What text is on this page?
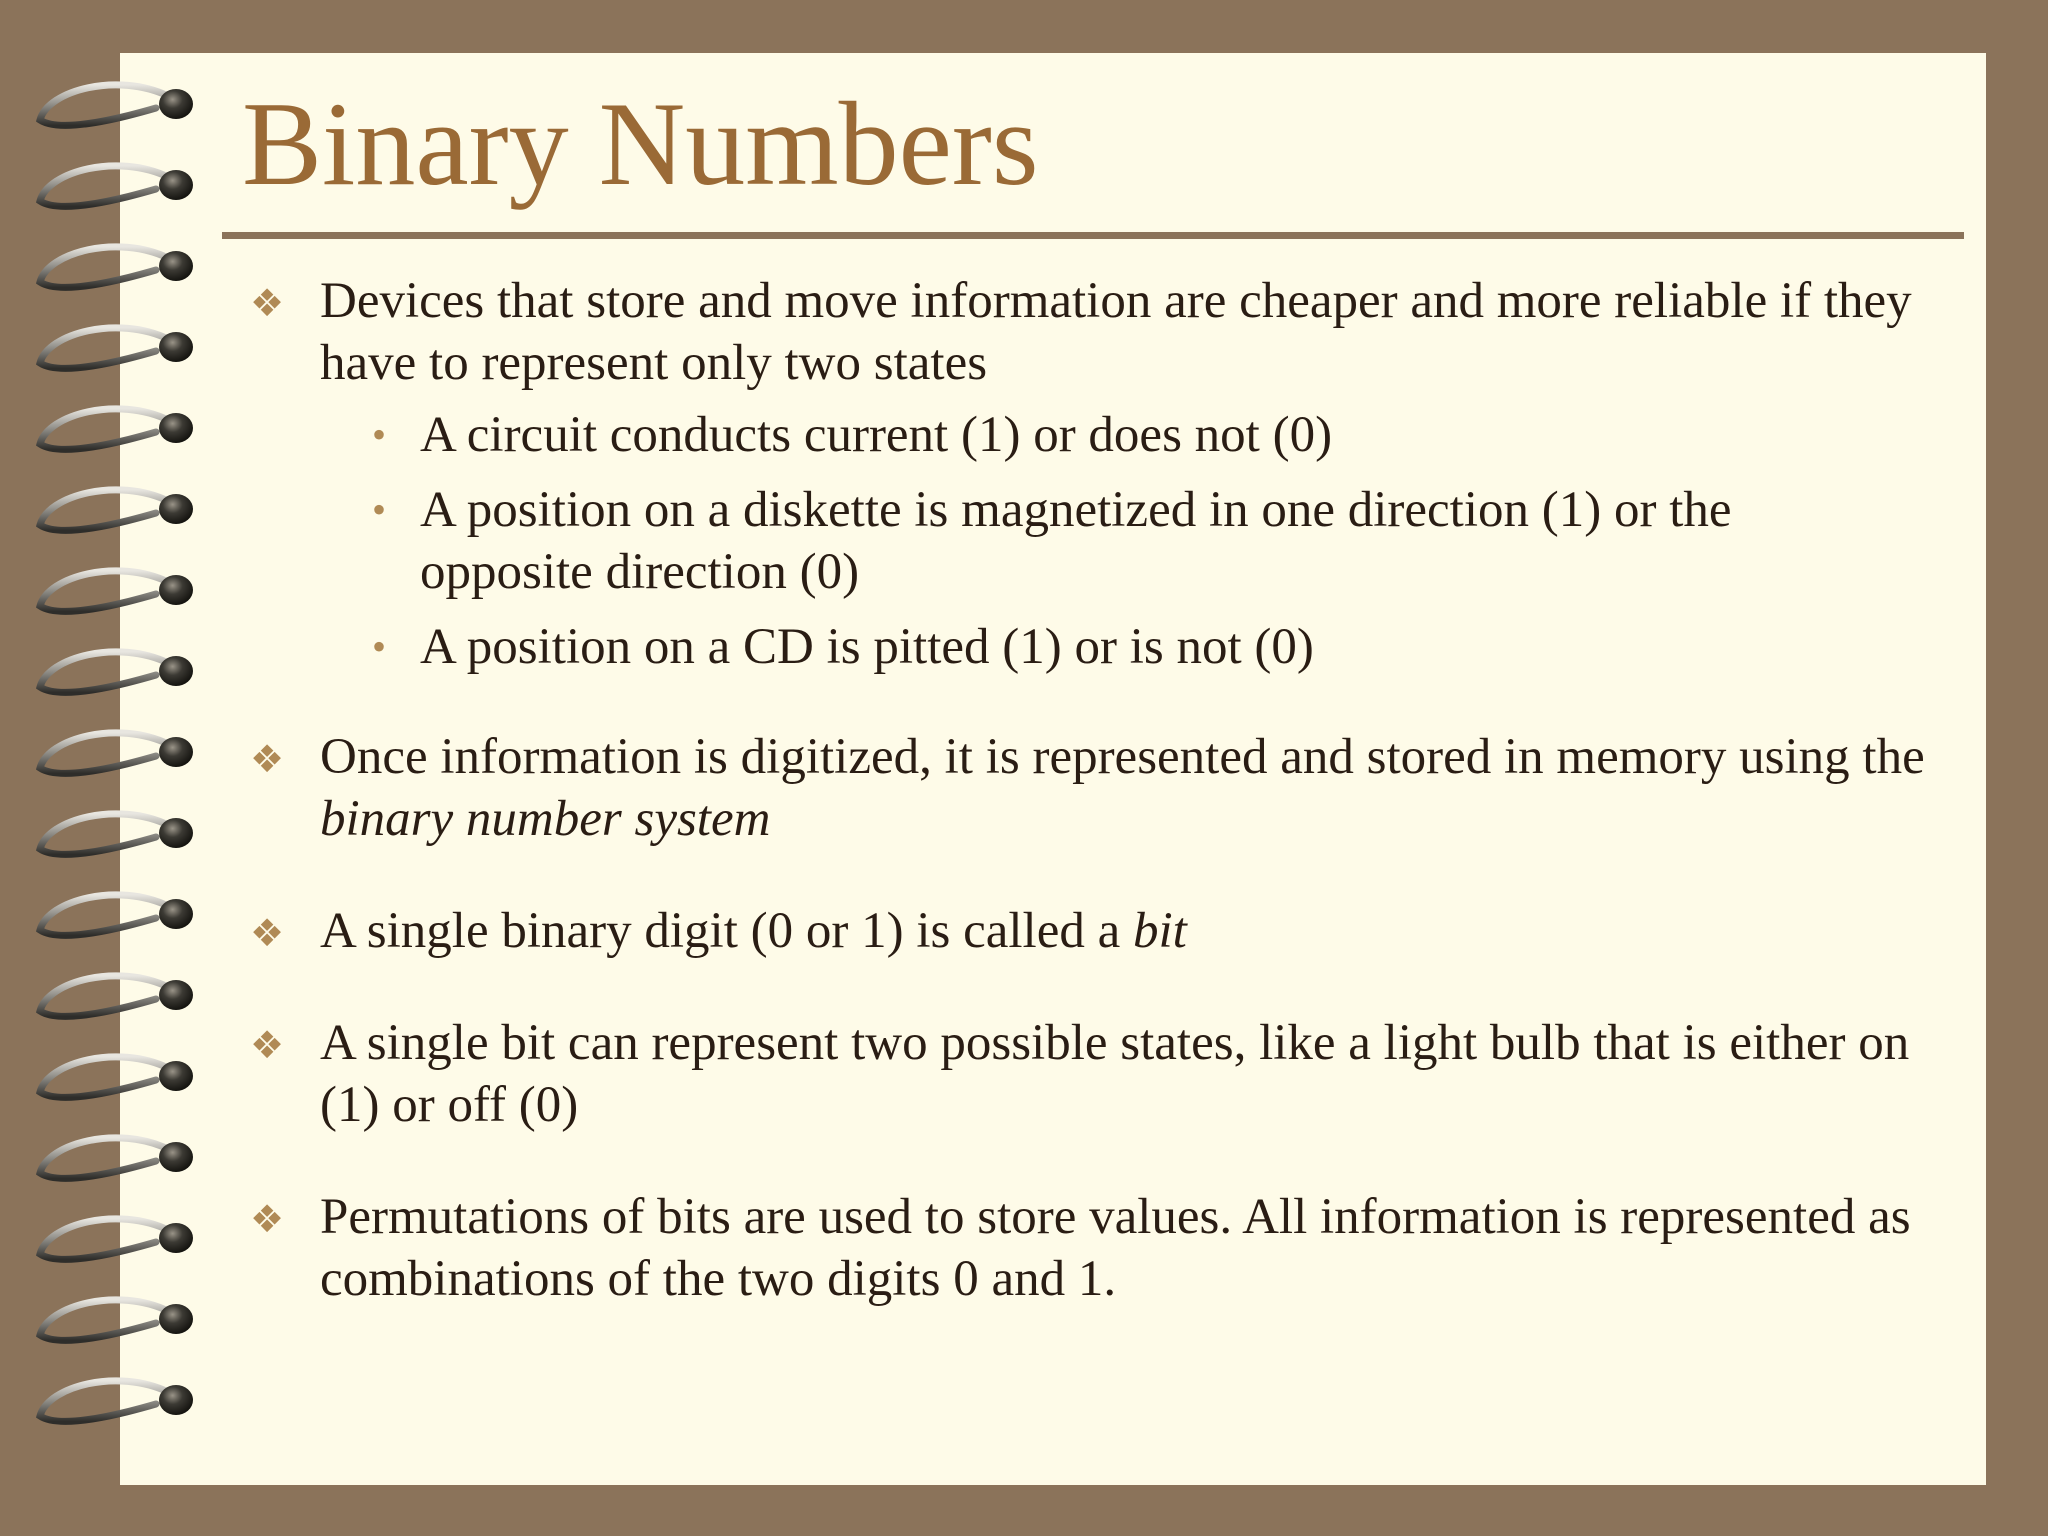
Binary Numbers
❖ Devices that store and move information are cheaper and more reliable if they have to represent only two states
• A circuit conducts current (1) or does not (0)
• A position on a diskette is magnetized in one direction (1) or the opposite direction (0)
• A position on a CD is pitted (1) or is not (0)
❖ Once information is digitized, it is represented and stored in memory using the binary number system
❖ A single binary digit (0 or 1) is called a bit
❖ A single bit can represent two possible states, like a light bulb that is either on (1) or off (0)
❖ Permutations of bits are used to store values. All information is represented as combinations of the two digits 0 and 1.
